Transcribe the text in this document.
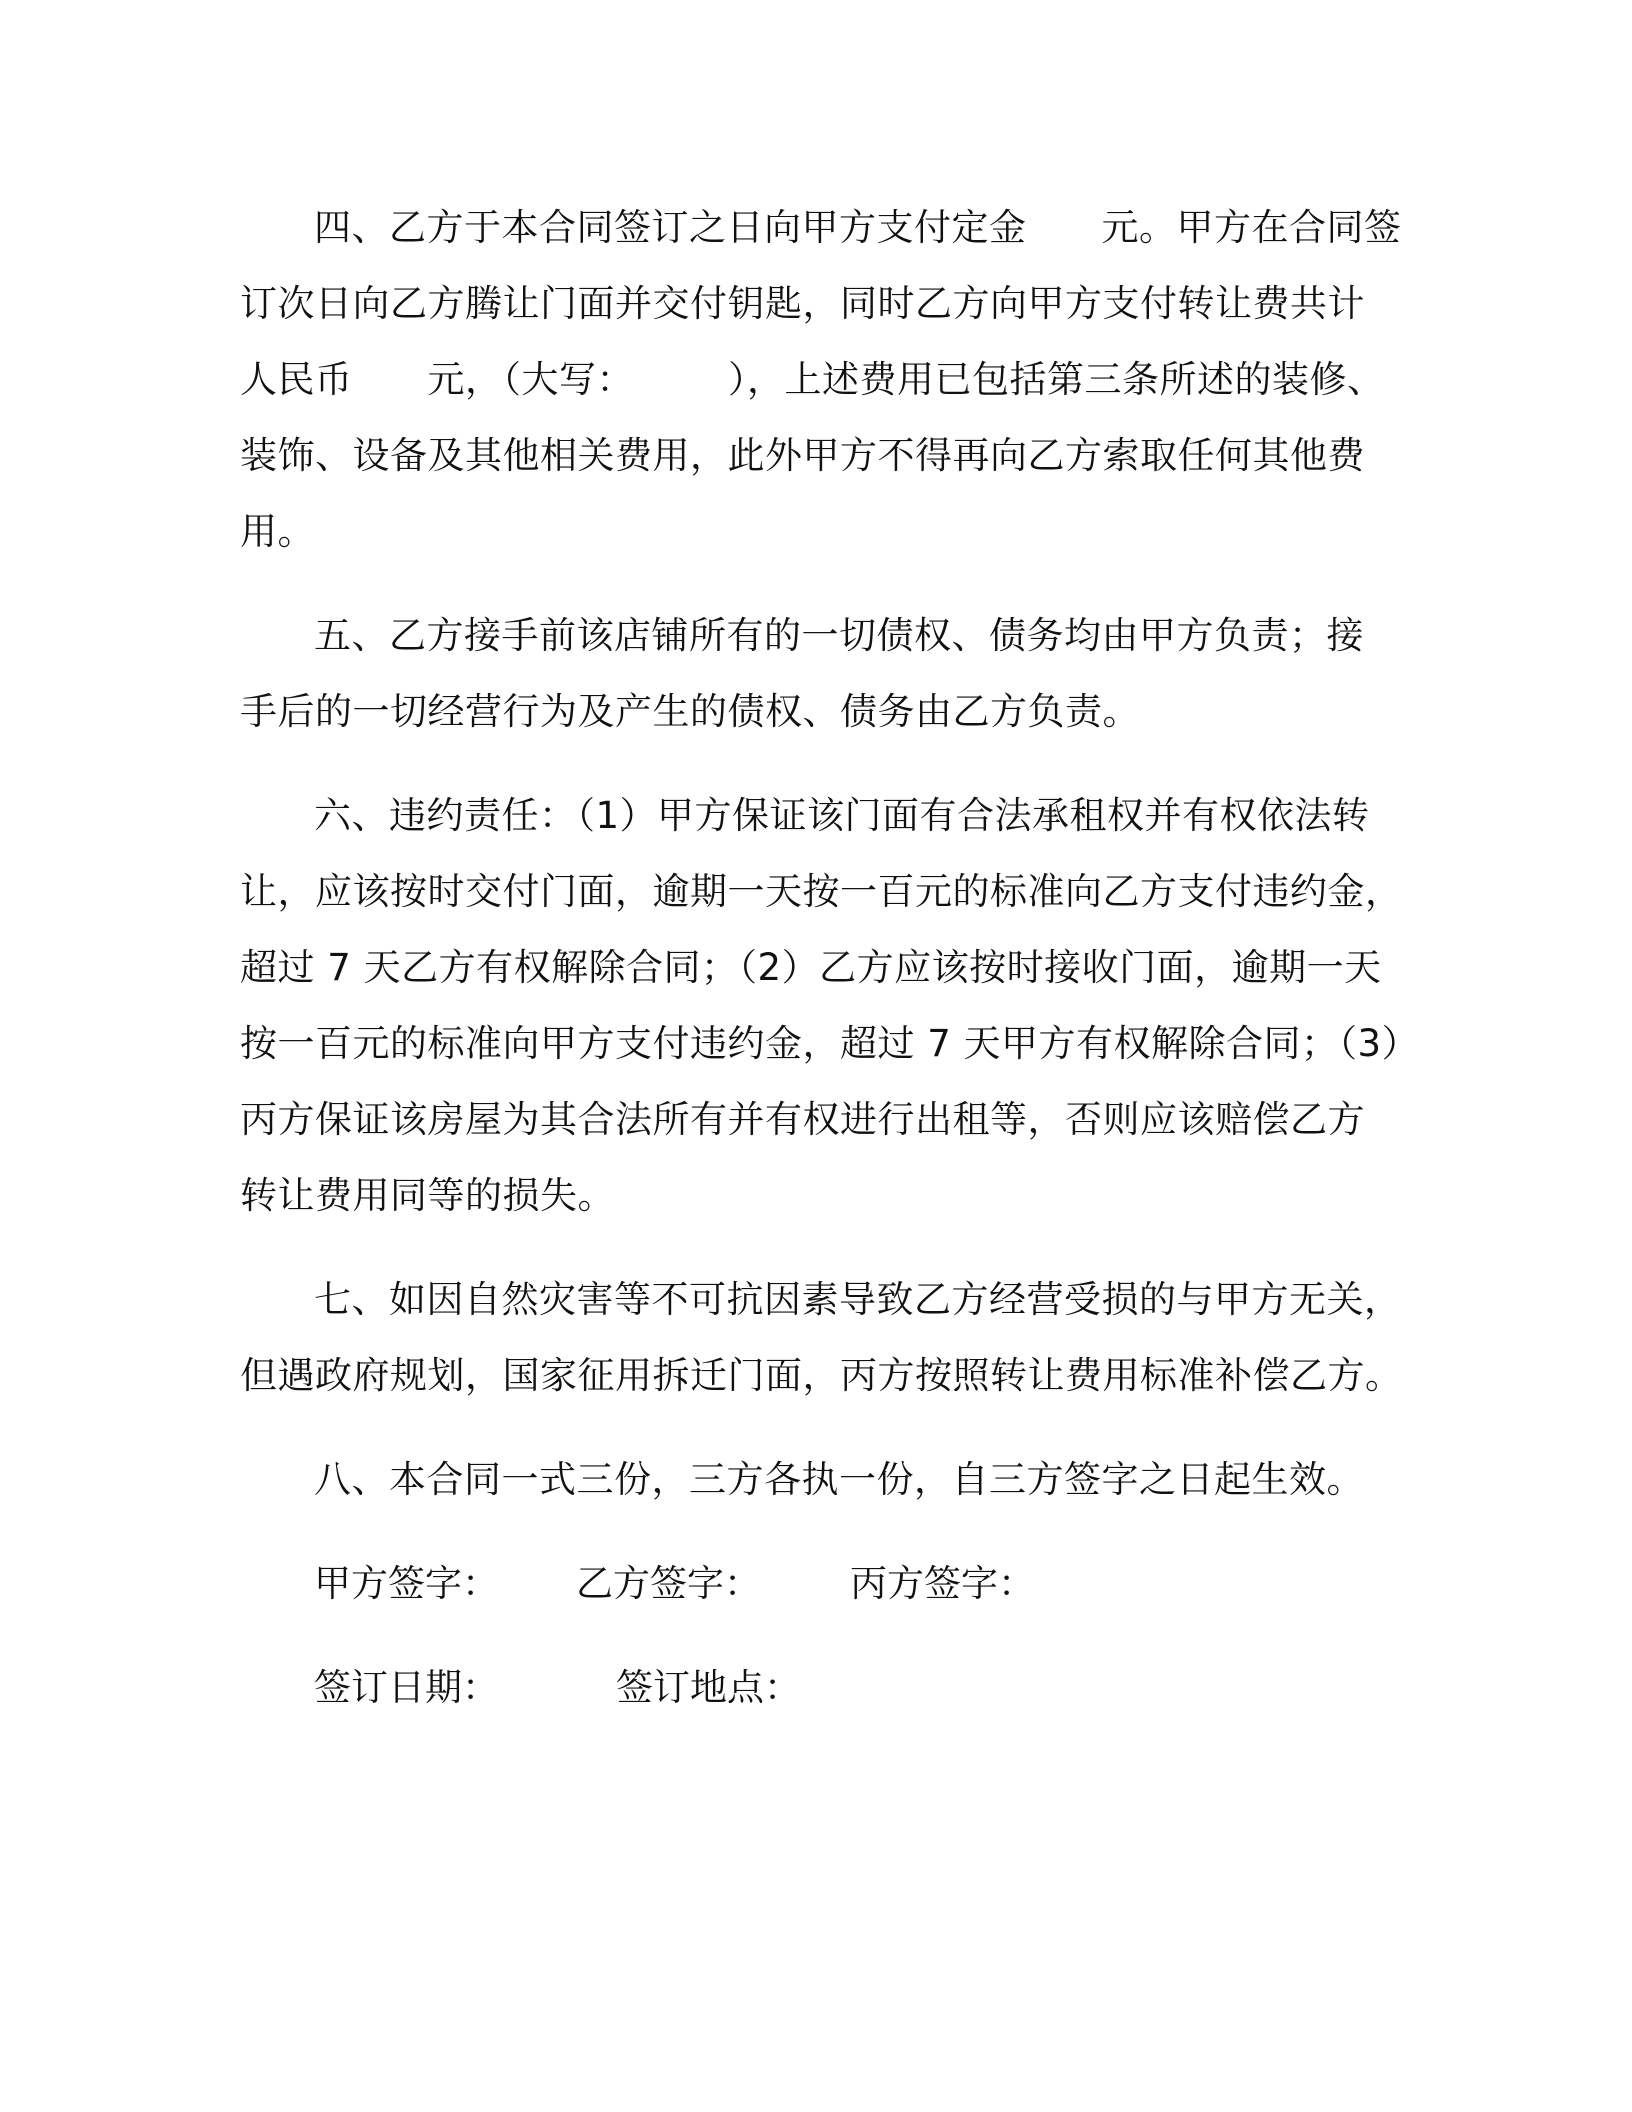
四、乙方于本合同签订之日向甲方支付定金　　元。甲方在合同签
订次日向乙方腾让门面并交付钥匙，同时乙方向甲方支付转让费共计
人民币　　元，（大写：　　　），上述费用已包括第三条所述的装修、
装饰、设备及其他相关费用，此外甲方不得再向乙方索取任何其他费
用。

五、乙方接手前该店铺所有的一切债权、债务均由甲方负责；接
手后的一切经营行为及产生的债权、债务由乙方负责。

六、违约责任：（1）甲方保证该门面有合法承租权并有权依法转
让，应该按时交付门面，逾期一天按一百元的标准向乙方支付违约金，
超过 7 天乙方有权解除合同；（2）乙方应该按时接收门面，逾期一天
按一百元的标准向甲方支付违约金，超过 7 天甲方有权解除合同；（3）
丙方保证该房屋为其合法所有并有权进行出租等，否则应该赔偿乙方
转让费用同等的损失。

七、如因自然灾害等不可抗因素导致乙方经营受损的与甲方无关，
但遇政府规划，国家征用拆迁门面，丙方按照转让费用标准补偿乙方。

八、本合同一式三份，三方各执一份，自三方签字之日起生效。

甲方签字：	乙方签字：	丙方签字：
签订日期：	签订地点：
